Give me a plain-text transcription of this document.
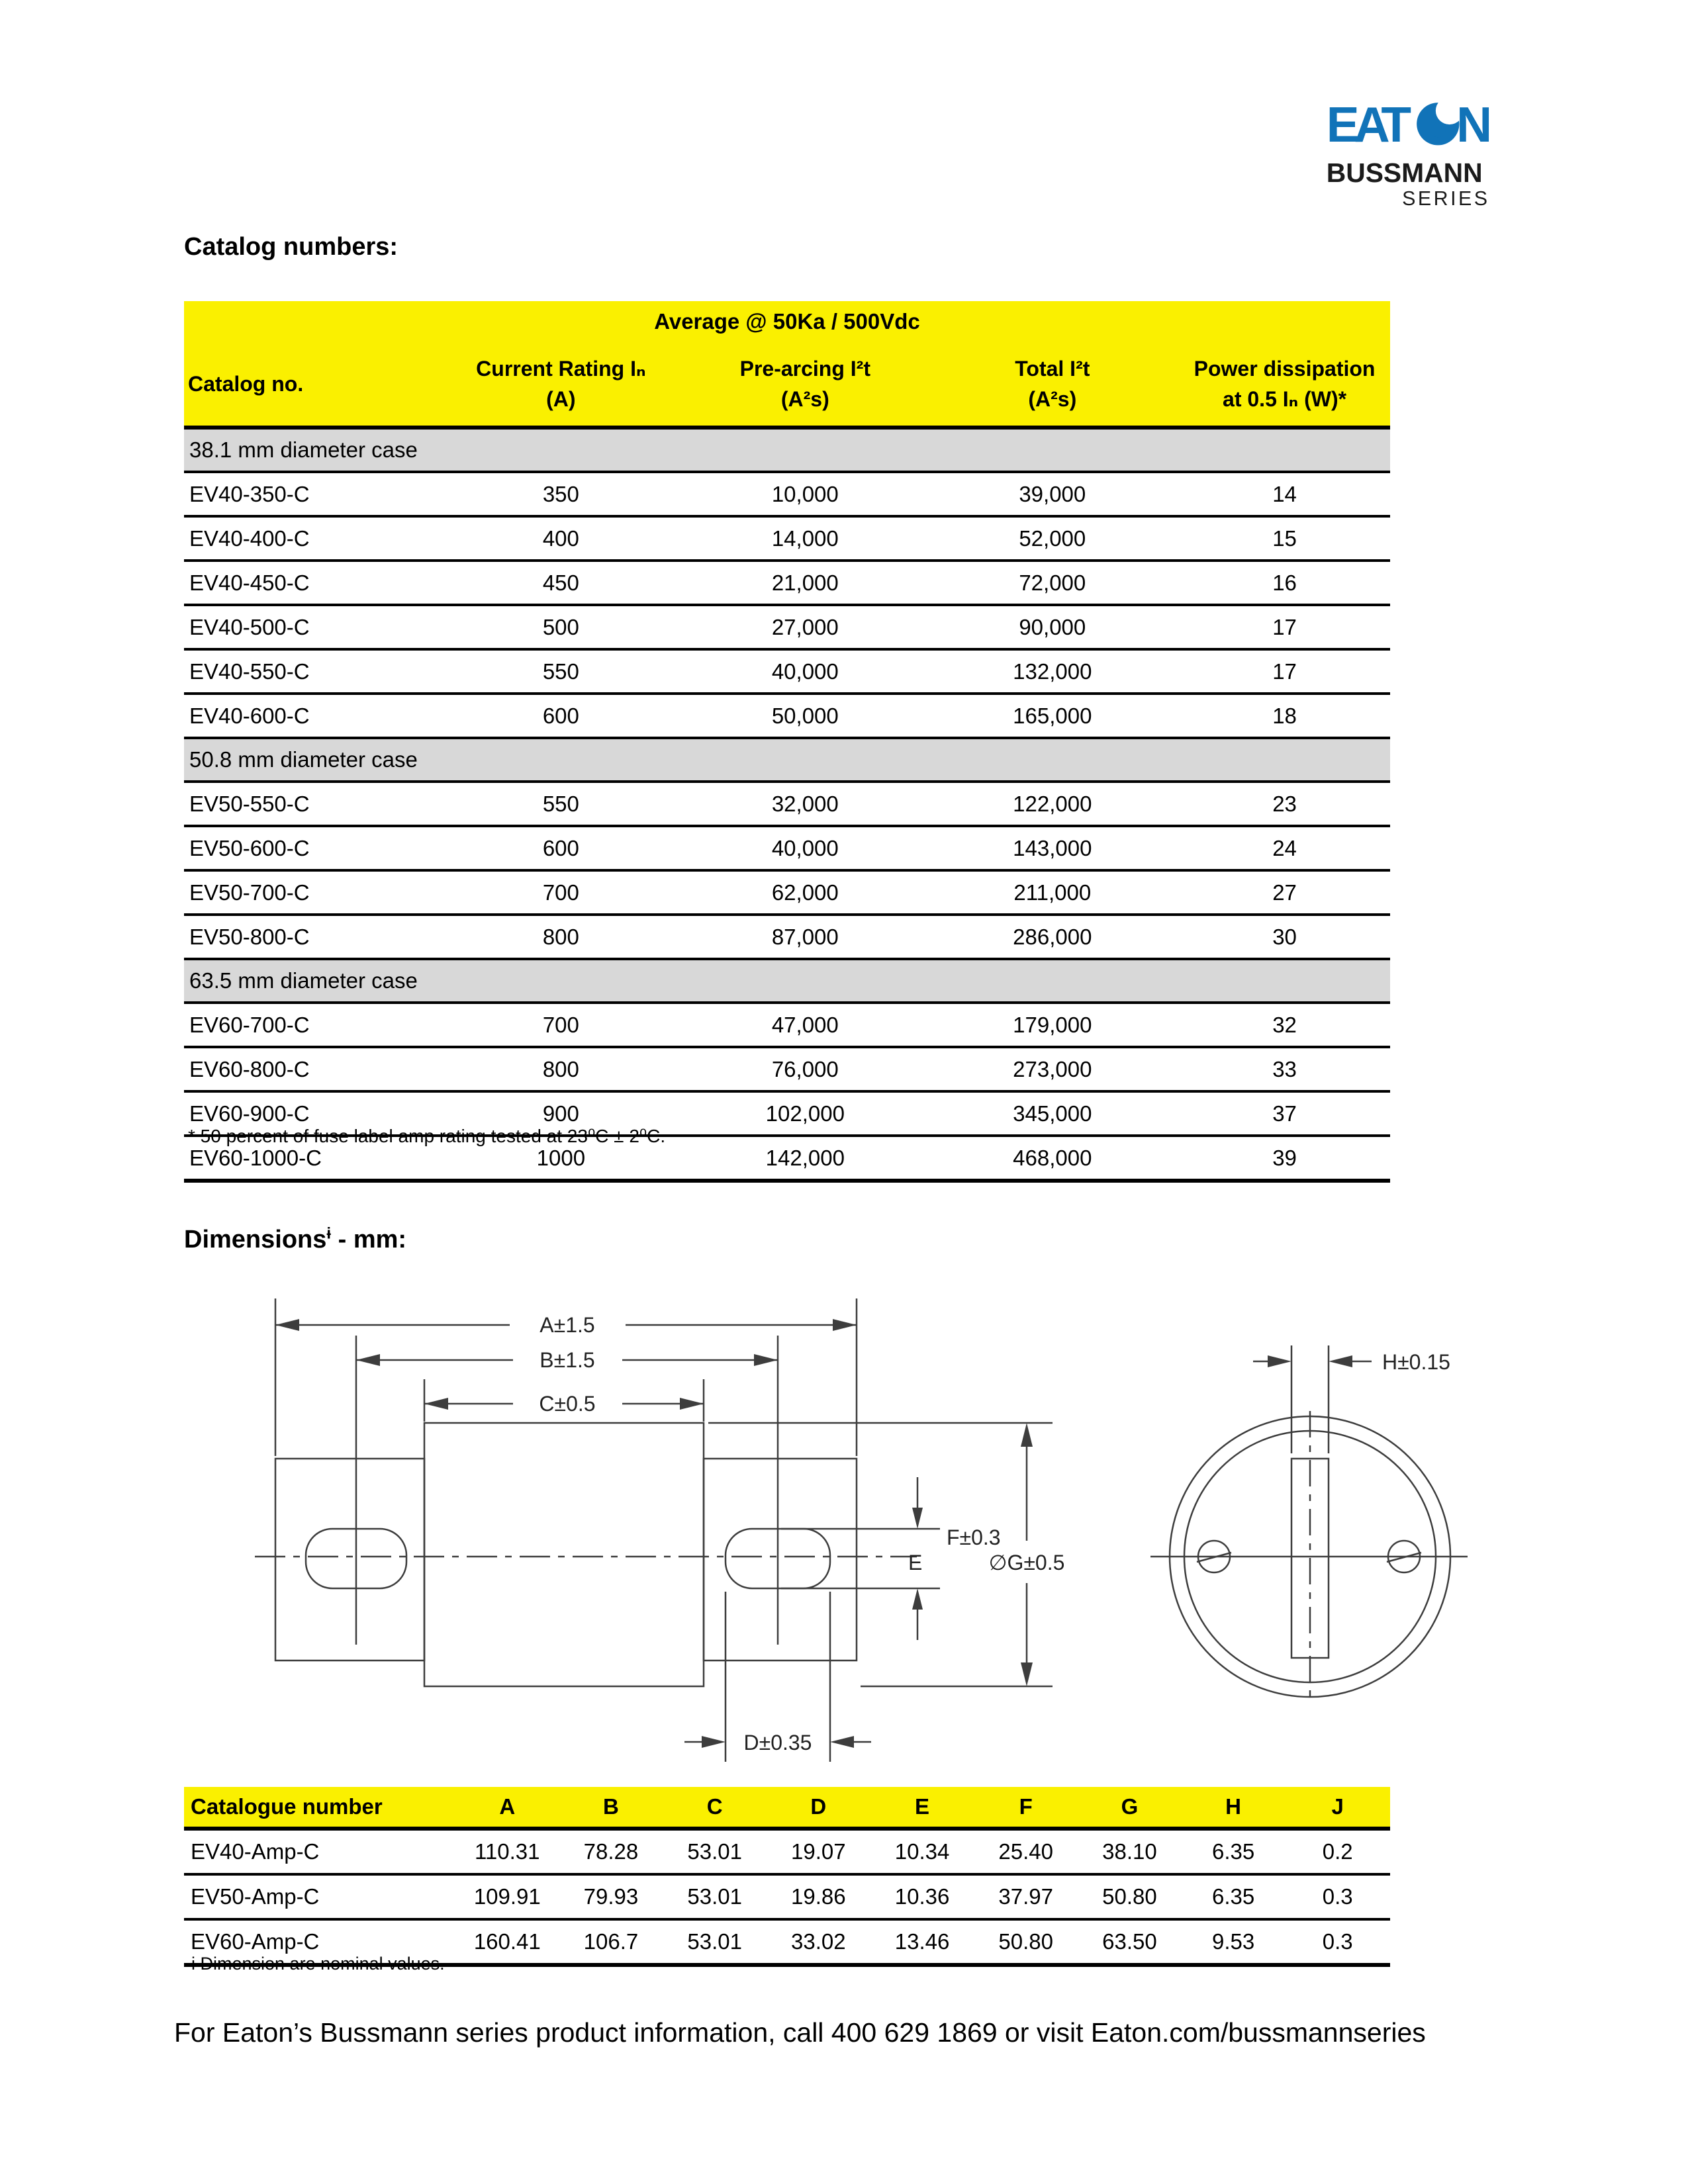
EAT N
BUSSMANN
SERIES
Catalog numbers:
Average @ 50Ka / 500Vdc				

Catalog no.

Current Rating Iₙ
(A)

Pre-arcing I²t
(A²s)

Total I²t
(A²s)

Power dissipation
at 0.5 Iₙ (W)*

38.1 mm diameter case				
EV40-350-C	350	10,000	39,000	14
EV40-400-C	400	14,000	52,000	15
EV40-450-C	450	21,000	72,000	16
EV40-500-C	500	27,000	90,000	17
EV40-550-C	550	40,000	132,000	17
EV40-600-C	600	50,000	165,000	18
50.8 mm diameter case				
EV50-550-C	550	32,000	122,000	23
EV50-600-C	600	40,000	143,000	24
EV50-700-C	700	62,000	211,000	27
EV50-800-C	800	87,000	286,000	30
63.5 mm diameter case				
EV60-700-C	700	47,000	179,000	32
EV60-800-C	800	76,000	273,000	33
EV60-900-C	900	102,000	345,000	37
EV60-1000-C	1000	142,000	468,000	39
* 50 percent of fuse label amp rating tested at 23⁰C ± 2⁰C.
Dimensions$^ɨ$ - mm:
A±1.5
B±1.5
C±0.5
F±0.3
E	∅G±0.5
D±0.35
H±0.15
Catalogue number	A	B	C	D	E	F	G	H	J
EV40-Amp-C	110.31	78.28	53.01	19.07	10.34	25.40	38.10	6.35	0.2
EV50-Amp-C	109.91	79.93	53.01	19.86	10.36	37.97	50.80	6.35	0.3
EV60-Amp-C	160.41	106.7	53.01	33.02	13.46	50.80	63.50	9.53	0.3
ɨ Dimension are nominal values.
For Eaton’s Bussmann series product information, call 400 629 1869 or visit Eaton.com/bussmannseries
